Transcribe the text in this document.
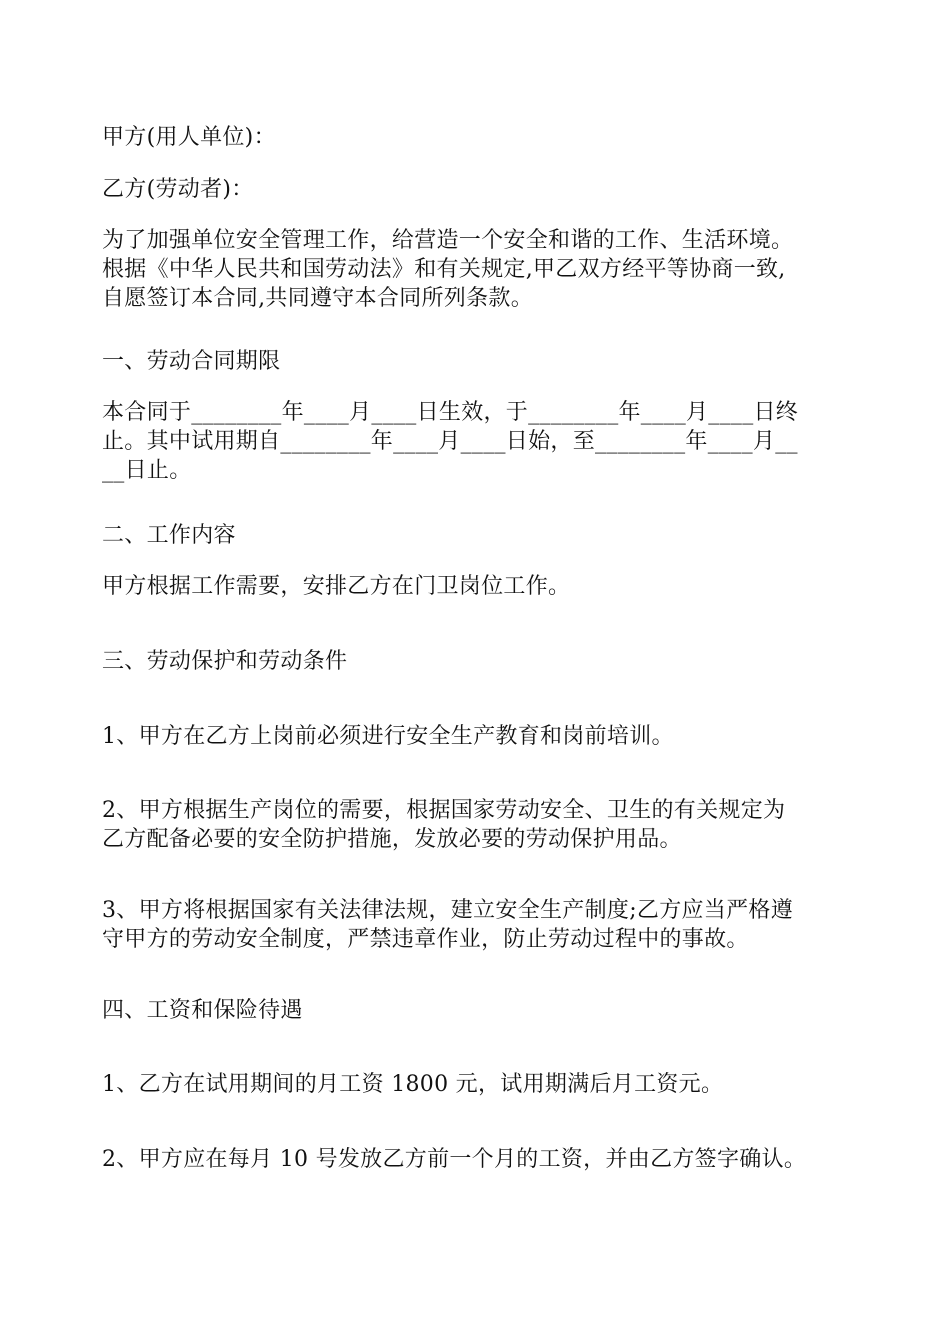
甲方(用人单位)：

乙方(劳动者)：

为了加强单位安全管理工作，给营造一个安全和谐的工作、生活环境。
根据《中华人民共和国劳动法》和有关规定,甲乙双方经平等协商一致,
自愿签订本合同,共同遵守本合同所列条款。

一、劳动合同期限

本合同于________年____月____日生效，于________年____月____日终
止。其中试用期自________年____月____日始，至________年____月__
__日止。

二、工作内容

甲方根据工作需要，安排乙方在门卫岗位工作。

三、劳动保护和劳动条件

1、甲方在乙方上岗前必须进行安全生产教育和岗前培训。

2、甲方根据生产岗位的需要，根据国家劳动安全、卫生的有关规定为
乙方配备必要的安全防护措施，发放必要的劳动保护用品。

3、甲方将根据国家有关法律法规，建立安全生产制度;乙方应当严格遵
守甲方的劳动安全制度，严禁违章作业，防止劳动过程中的事故。

四、工资和保险待遇

1、乙方在试用期间的月工资 1800 元，试用期满后月工资元。

2、甲方应在每月 10 号发放乙方前一个月的工资，并由乙方签字确认。
